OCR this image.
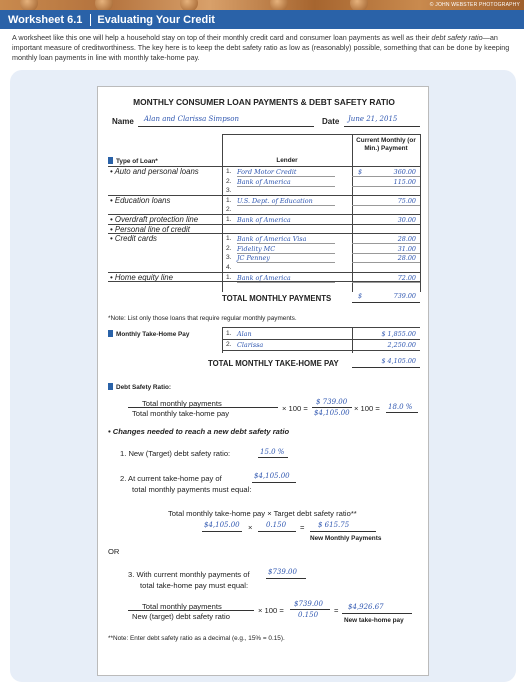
© JOHN WEBSTER PHOTOGRAPHY
Worksheet 6.1	Evaluating Your Credit
A worksheet like this one will help a household stay on top of their monthly credit card and consumer loan payments as well as their debt safety ratio—an important measure of creditworthiness. The key here is to keep the debt safety ratio as low as (reasonably) possible, something that can be done by keeping monthly loan payments in line with monthly take-home pay.
MONTHLY CONSUMER LOAN PAYMENTS & DEBT SAFETY RATIO
Name Alan and Clarissa Simpson	Date June 21, 2015
Current Monthly (or Min.) Payment
Lender
Type of Loan*
• Auto and personal loans	1. Ford Motor Credit	$	360.00
2. Bank of America	115.00
3.
• Education loans	1. U.S. Dept. of Education	75.00
2.
• Overdraft protection line	1. Bank of America	30.00
• Personal line of credit
• Credit cards	1. Bank of America Visa	28.00
2. Fidelity MC	31.00
3. JC Penney	28.00
4.
• Home equity line	1. Bank of America	72.00
TOTAL MONTHLY PAYMENTS	$	739.00
*Note: List only those loans that require regular monthly payments.
Monthly Take-Home Pay	1. Alan	$ 1,855.00
2. Clarissa	2,250.00
TOTAL MONTHLY TAKE-HOME PAY	$ 4,105.00
Debt Safety Ratio:
Total monthly payments
Total monthly take-home pay
× 100 =
$ 739.00
$4,105.00 × 100 = 18.0 %
• Changes needed to reach a new debt safety ratio
1. New (Target) debt safety ratio:	15.0 %
2. At current take-home pay of	$4,105.00
total monthly payments must equal:
Total monthly take-home pay × Target debt safety ratio**
$4,105.00 × 0.150 = $ 615.75
New Monthly Payments
OR
3. With current monthly payments of	$739.00
total take-home pay must equal:
Total monthly payments
New (target) debt safety ratio
× 100 =
$739.00
0.150 = $4,926.67
New take-home pay
**Note: Enter debt safety ratio as a decimal (e.g., 15% = 0.15).
